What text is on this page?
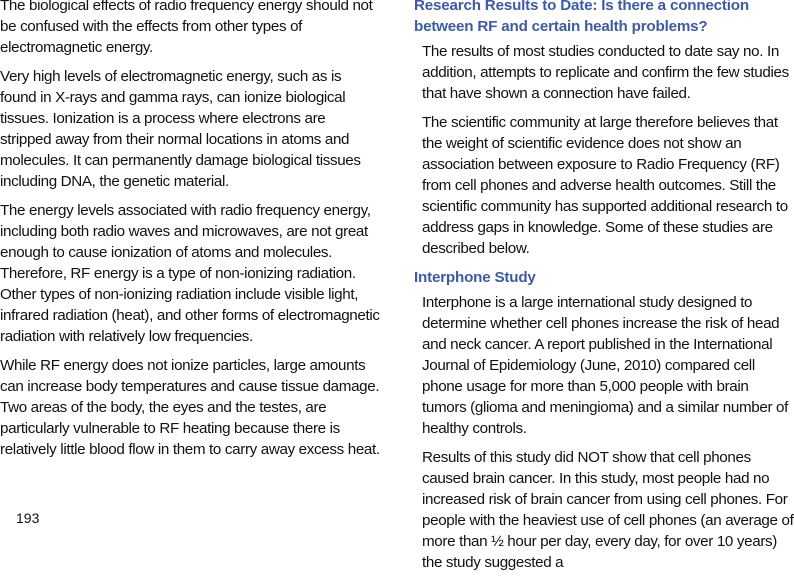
The biological effects of radio frequency energy should not be confused with the effects from other types of electromagnetic energy.

Very high levels of electromagnetic energy, such as is found in X-rays and gamma rays, can ionize biological tissues. Ionization is a process where electrons are stripped away from their normal locations in atoms and molecules. It can permanently damage biological tissues including DNA, the genetic material.

The energy levels associated with radio frequency energy, including both radio waves and microwaves, are not great enough to cause ionization of atoms and molecules. Therefore, RF energy is a type of non-ionizing radiation. Other types of non-ionizing radiation include visible light, infrared radiation (heat), and other forms of electromagnetic radiation with relatively low frequencies.

While RF energy does not ionize particles, large amounts can increase body temperatures and cause tissue damage. Two areas of the body, the eyes and the testes, are particularly vulnerable to RF heating because there is relatively little blood flow in them to carry away excess heat.

Research Results to Date: Is there a connection between RF and certain health problems?

The results of most studies conducted to date say no. In addition, attempts to replicate and confirm the few studies that have shown a connection have failed.

The scientific community at large therefore believes that the weight of scientific evidence does not show an association between exposure to Radio Frequency (RF) from cell phones and adverse health outcomes. Still the scientific community has supported additional research to address gaps in knowledge. Some of these studies are described below.

Interphone Study

Interphone is a large international study designed to determine whether cell phones increase the risk of head and neck cancer. A report published in the International Journal of Epidemiology (June, 2010) compared cell phone usage for more than 5,000 people with brain tumors (glioma and meningioma) and a similar number of healthy controls.

Results of this study did NOT show that cell phones caused brain cancer. In this study, most people had no increased risk of brain cancer from using cell phones. For people with the heaviest use of cell phones (an average of more than ½ hour per day, every day, for over 10 years) the study suggested a

193
